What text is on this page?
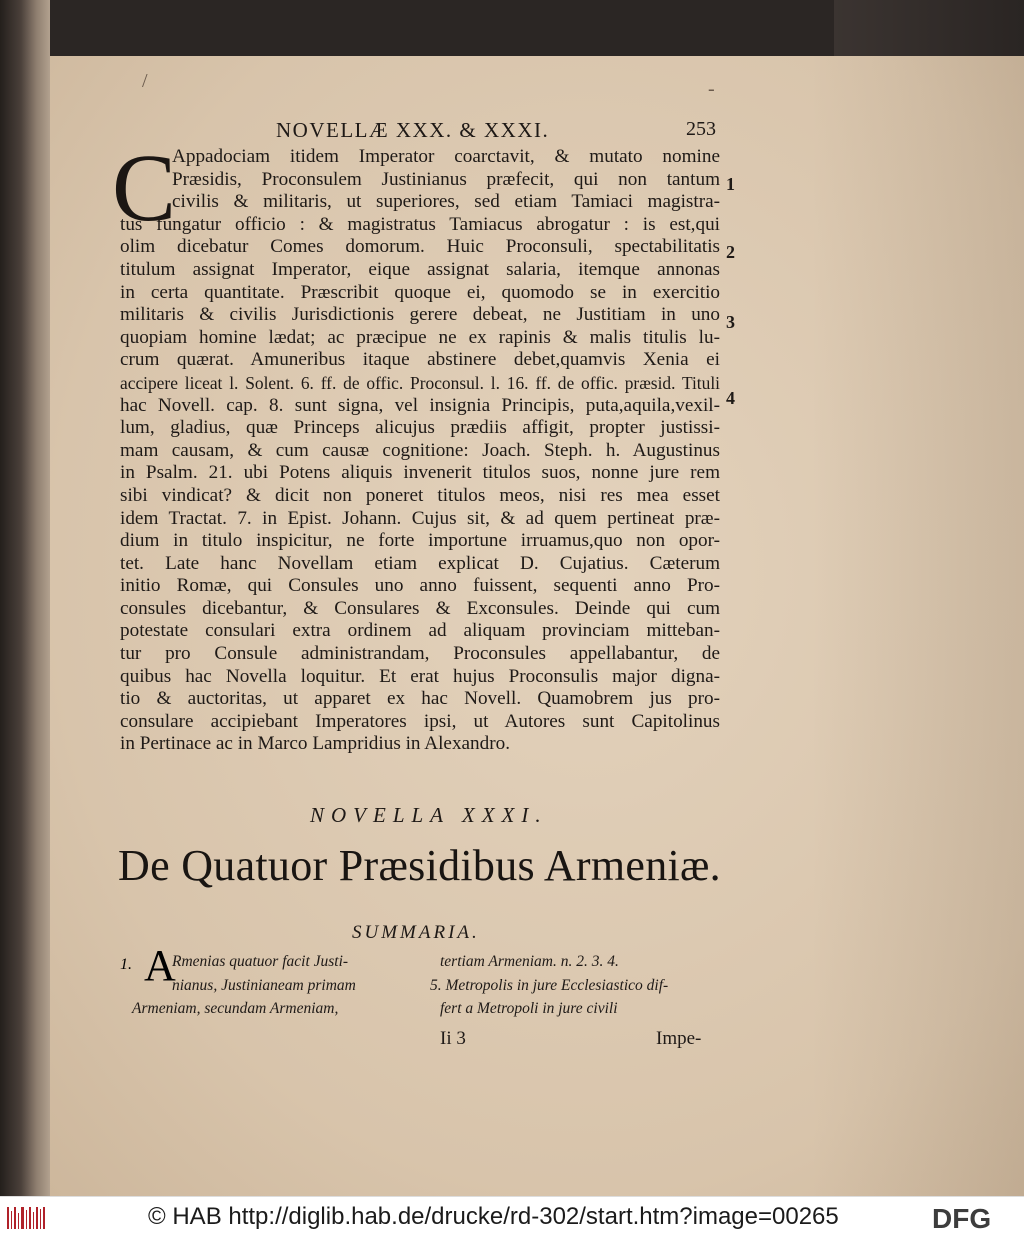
/	-
NOVELLÆ XXX. & XXXI.	253
C
Appadociam itidem Imperator coarctavit, & mutato nomine
Præsidis, Proconsulem Justinianus præfecit, qui non tantum
civilis & militaris, ut superiores, sed etiam Tamiaci magistra-
tus fungatur officio : & magistratus Tamiacus abrogatur : is est,qui
olim dicebatur Comes domorum. Huic Proconsuli, spectabilitatis
titulum assignat Imperator, eique assignat salaria, itemque annonas
in certa quantitate. Præscribit quoque ei, quomodo se in exercitio
militaris & civilis Jurisdictionis gerere debeat, ne Justitiam in uno
quopiam homine lædat; ac præcipue ne ex rapinis & malis titulis lu-
crum quærat. Amuneribus itaque abstinere debet,quamvis Xenia ei
accipere liceat l. Solent. 6. ff. de offic. Proconsul. l. 16. ff. de offic. præsid. Tituli
hac Novell. cap. 8. sunt signa, vel insignia Principis, puta,aquila,vexil-
lum, gladius, quæ Princeps alicujus prædiis affigit, propter justissi-
mam causam, & cum causæ cognitione: Joach. Steph. h. Augustinus
in Psalm. 21. ubi Potens aliquis invenerit titulos suos, nonne jure rem
sibi vindicat? & dicit non poneret titulos meos, nisi res mea esset
idem Tractat. 7. in Epist. Johann. Cujus sit, & ad quem pertineat præ-
dium in titulo inspicitur, ne forte importune irruamus,quo non opor-
tet. Late hanc Novellam etiam explicat D. Cujatius. Cæterum
initio Romæ, qui Consules uno anno fuissent, sequenti anno Pro-
consules dicebantur, & Consulares & Exconsules. Deinde qui cum
potestate consulari extra ordinem ad aliquam provinciam mitteban-
tur pro Consule administrandam, Proconsules appellabantur, de
quibus hac Novella loquitur. Et erat hujus Proconsulis major digna-
tio & auctoritas, ut apparet ex hac Novell. Quamobrem jus pro-
consulare accipiebant Imperatores ipsi, ut Autores sunt Capitolinus
in Pertinace ac in Marco Lampridius in Alexandro.
1
2
3
4
NOVELLA XXXI.
De Quatuor Præsidibus Armeniæ.
SUMMARIA.
1. A
Rmenias quatuor facit Justi-
nianus, Justinianeam primam
Armeniam, secundam Armeniam,
tertiam Armeniam. n. 2. 3. 4.
5. Metropolis in jure Ecclesiastico dif-
fert a Metropoli in jure civili
Ii 3	Impe-
© HAB http://diglib.hab.de/drucke/rd-302/start.htm?image=00265	DFG
